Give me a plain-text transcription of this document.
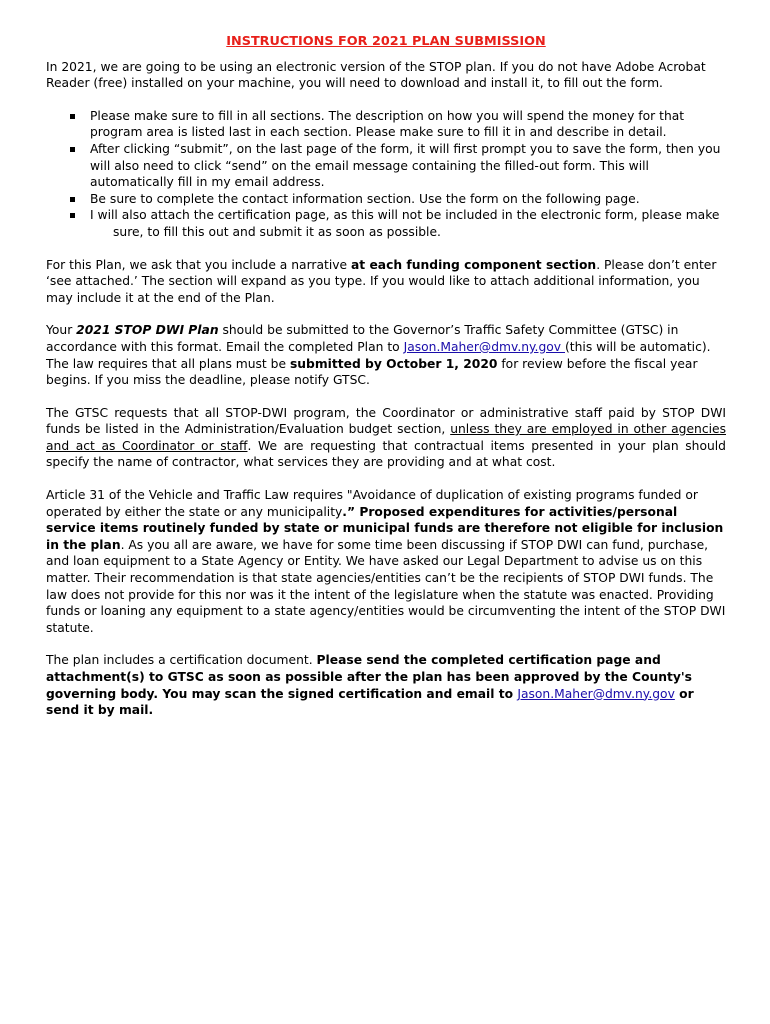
INSTRUCTIONS FOR 2021 PLAN SUBMISSION

In 2021, we are going to be using an electronic version of the STOP plan. If you do not have Adobe Acrobat Reader (free) installed on your machine, you will need to download and install it, to fill out the form.

Please make sure to fill in all sections. The description on how you will spend the money for that program area is listed last in each section. Please make sure to fill it in and describe in detail.
After clicking “submit”, on the last page of the form, it will first prompt you to save the form, then you will also need to click “send” on the email message containing the filled-out form. This will automatically fill in my email address.
Be sure to complete the contact information section. Use the form on the following page.
I will also attach the certification page, as this will not be included in the electronic form, please make
sure, to fill this out and submit it as soon as possible.

For this Plan, we ask that you include a narrative at each funding component section. Please don’t enter ‘see attached.’ The section will expand as you type. If you would like to attach additional information, you may include it at the end of the Plan.

Your 2021 STOP DWI Plan should be submitted to the Governor’s Traffic Safety Committee (GTSC) in accordance with this format. Email the completed Plan to Jason.Maher@dmv.ny.gov (this will be automatic). The law requires that all plans must be submitted by October 1, 2020 for review before the fiscal year begins. If you miss the deadline, please notify GTSC.

The GTSC requests that all STOP-DWI program, the Coordinator or administrative staff paid by STOP DWI funds be listed in the Administration/Evaluation budget section, unless they are employed in other agencies and act as Coordinator or staff. We are requesting that contractual items presented in your plan should specify the name of contractor, what services they are providing and at what cost.

Article 31 of the Vehicle and Traffic Law requires "Avoidance of duplication of existing programs funded or operated by either the state or any municipality.” Proposed expenditures for activities/personal service items routinely funded by state or municipal funds are therefore not eligible for inclusion in the plan. As you all are aware, we have for some time been discussing if STOP DWI can fund, purchase, and loan equipment to a State Agency or Entity. We have asked our Legal Department to advise us on this matter. Their recommendation is that state agencies/entities can’t be the recipients of STOP DWI funds. The law does not provide for this nor was it the intent of the legislature when the statute was enacted. Providing funds or loaning any equipment to a state agency/entities would be circumventing the intent of the STOP DWI statute.

The plan includes a certification document. Please send the completed certification page and attachment(s) to GTSC as soon as possible after the plan has been approved by the County's governing body. You may scan the signed certification and email to Jason.Maher@dmv.ny.gov or send it by mail.
